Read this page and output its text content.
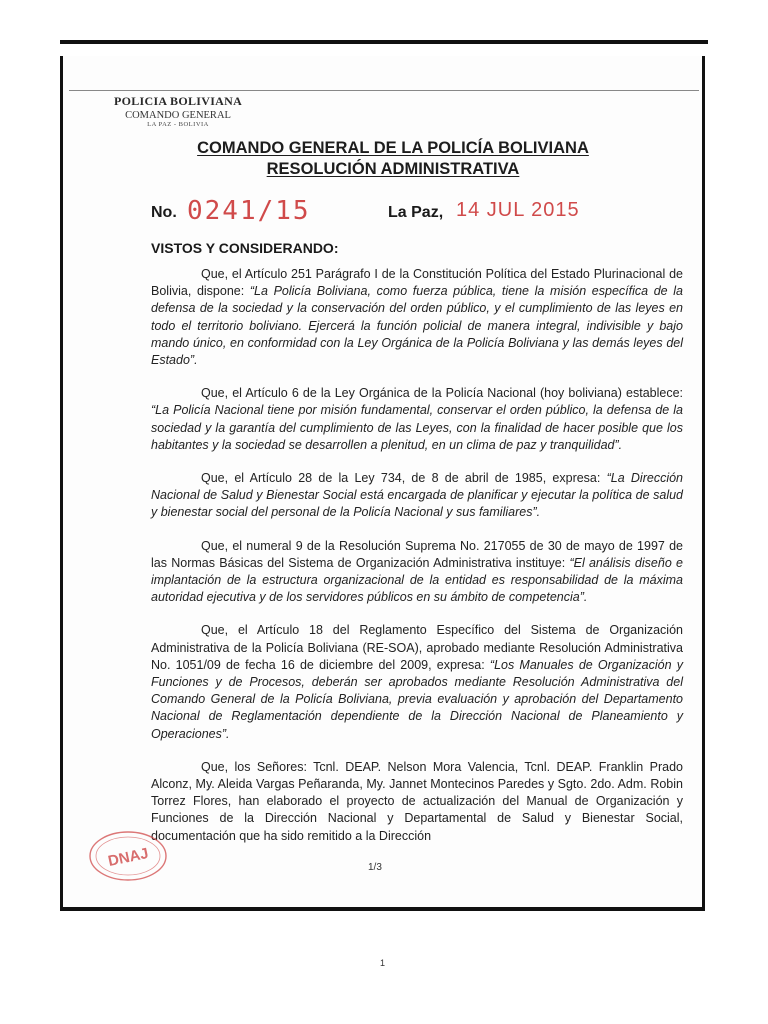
POLICIA BOLIVIANA
COMANDO GENERAL
LA PAZ - BOLIVIA
COMANDO GENERAL DE LA POLICÍA BOLIVIANA
RESOLUCIÓN ADMINISTRATIVA
No. 0241/15	La Paz, 14 JUL 2015
VISTOS Y CONSIDERANDO:

Que, el Artículo 251 Parágrafo I de la Constitución Política del Estado Plurinacional de Bolivia, dispone: “La Policía Boliviana, como fuerza pública, tiene la misión específica de la defensa de la sociedad y la conservación del orden público, y el cumplimiento de las leyes en todo el territorio boliviano. Ejercerá la función policial de manera integral, indivisible y bajo mando único, en conformidad con la Ley Orgánica de la Policía Boliviana y las demás leyes del Estado”.

Que, el Artículo 6 de la Ley Orgánica de la Policía Nacional (hoy boliviana) establece: “La Policía Nacional tiene por misión fundamental, conservar el orden público, la defensa de la sociedad y la garantía del cumplimiento de las Leyes, con la finalidad de hacer posible que los habitantes y la sociedad se desarrollen a plenitud, en un clima de paz y tranquilidad”.

Que, el Artículo 28 de la Ley 734, de 8 de abril de 1985, expresa: “La Dirección Nacional de Salud y Bienestar Social está encargada de planificar y ejecutar la política de salud y bienestar social del personal de la Policía Nacional y sus familiares”.

Que, el numeral 9 de la Resolución Suprema No. 217055 de 30 de mayo de 1997 de las Normas Básicas del Sistema de Organización Administrativa instituye: “El análisis diseño e implantación de la estructura organizacional de la entidad es responsabilidad de la máxima autoridad ejecutiva y de los servidores públicos en su ámbito de competencia”.

Que, el Artículo 18 del Reglamento Específico del Sistema de Organización Administrativa de la Policía Boliviana (RE-SOA), aprobado mediante Resolución Administrativa No. 1051/09 de fecha 16 de diciembre del 2009, expresa: “Los Manuales de Organización y Funciones y de Procesos, deberán ser aprobados mediante Resolución Administrativa del Comando General de la Policía Boliviana, previa evaluación y aprobación del Departamento Nacional de Reglamentación dependiente de la Dirección Nacional de Planeamiento y Operaciones”.

Que, los Señores: Tcnl. DEAP. Nelson Mora Valencia, Tcnl. DEAP. Franklin Prado Alconz, My. Aleida Vargas Peñaranda, My. Jannet Montecinos Paredes y Sgto. 2do. Adm. Robin Torrez Flores, han elaborado el proyecto de actualización del Manual de Organización y Funciones de la Dirección Nacional y Departamental de Salud y Bienestar Social, documentación que ha sido remitido a la Dirección

DNAJ	1/3
1
